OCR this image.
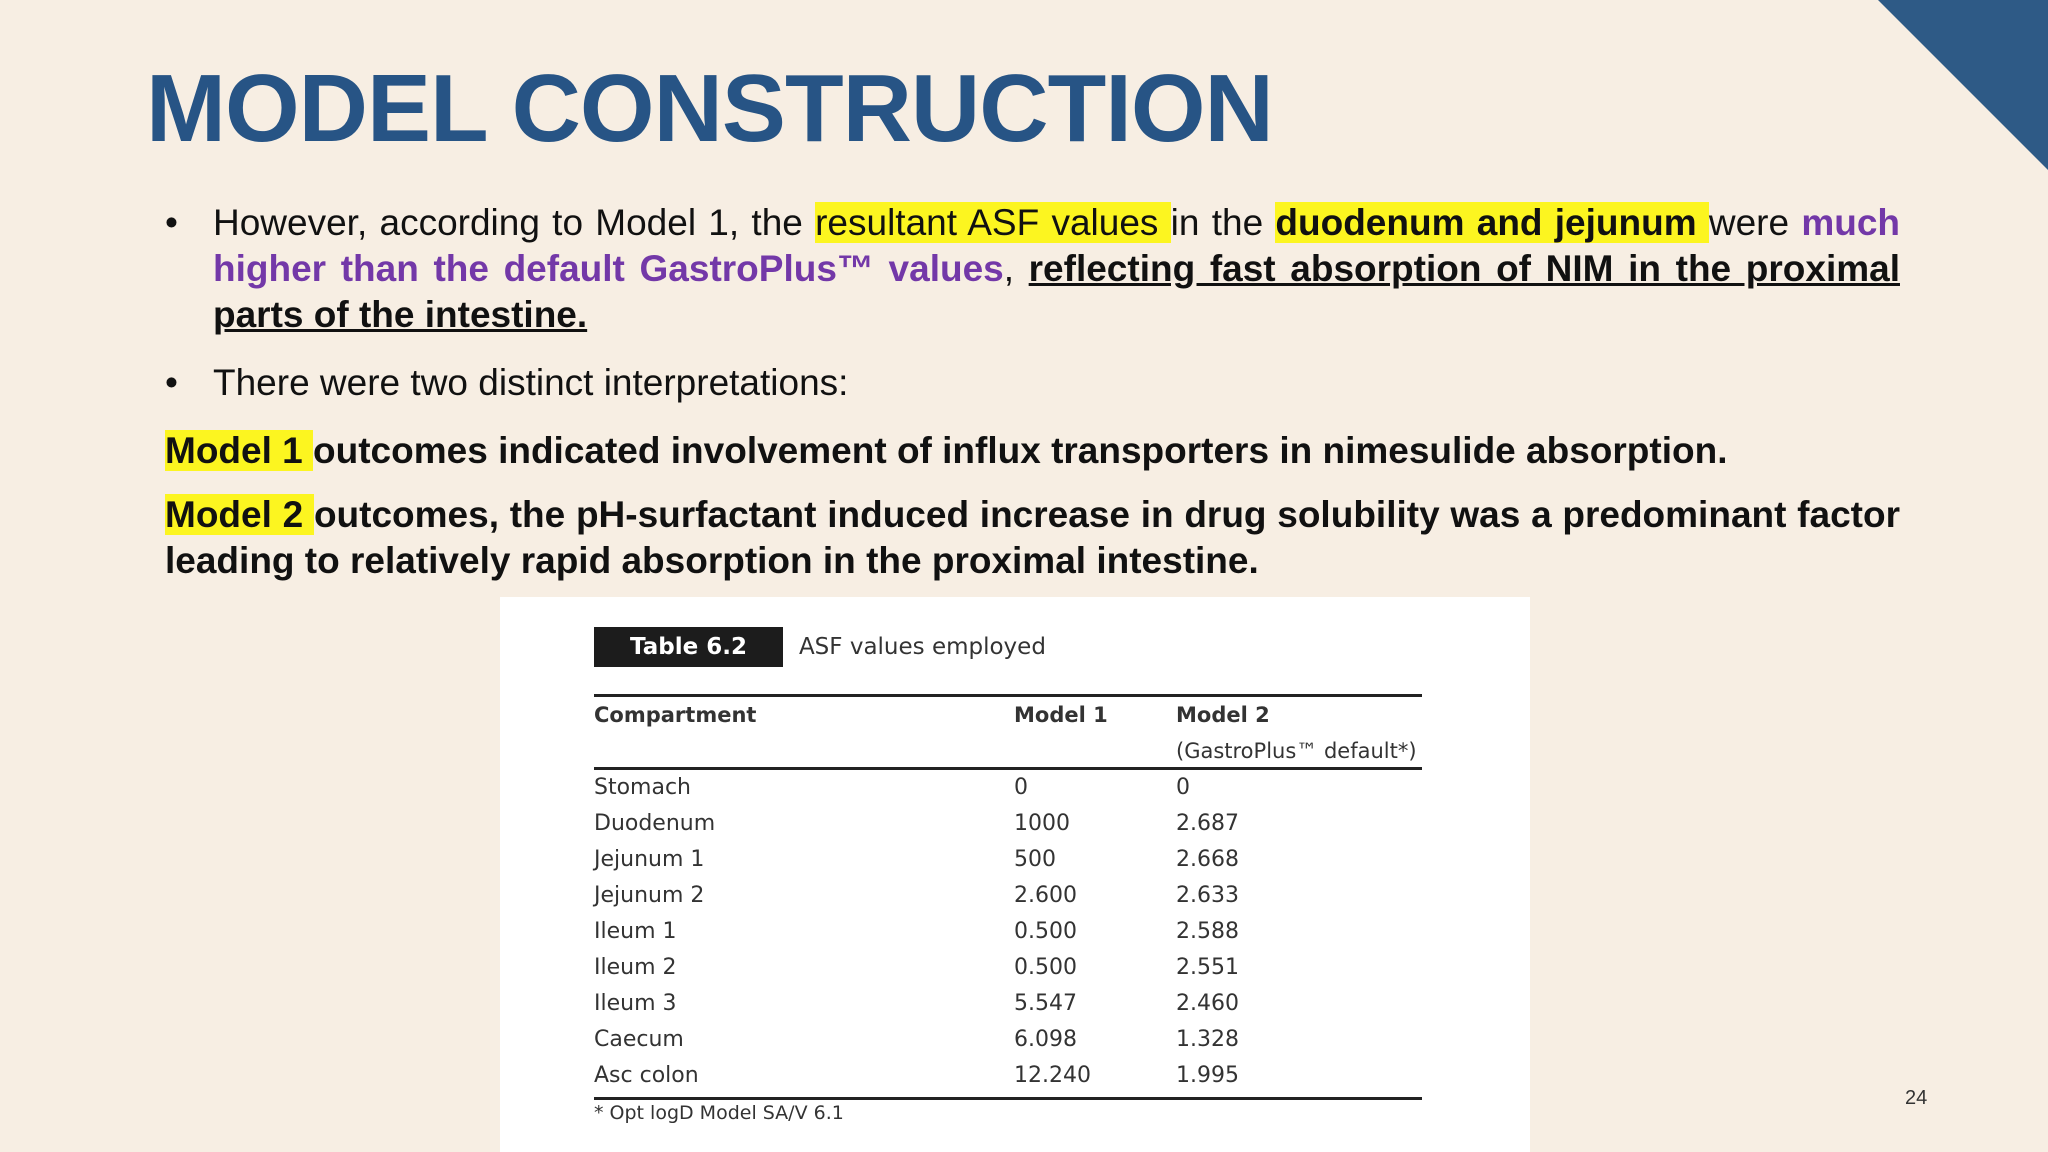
MODEL CONSTRUCTION

• However, according to Model 1, the resultant ASF values in the duodenum and jejunum were much higher than the default GastroPlus™ values, reflecting fast absorption of NIM in the proximal parts of the intestine.

• There were two distinct interpretations:

Model 1 outcomes indicated involvement of influx transporters in nimesulide absorption.

Model 2 outcomes, the pH-surfactant induced increase in drug solubility was a predominant factor leading to relatively rapid absorption in the proximal intestine.

Table 6.2	ASF values employed
Compartment	Model 1	Model 2
		(GastroPlus™ default*)
Stomach	0	0
Duodenum	1000	2.687
Jejunum 1	500	2.668
Jejunum 2	2.600	2.633
Ileum 1	0.500	2.588
Ileum 2	0.500	2.551
Ileum 3	5.547	2.460
Caecum	6.098	1.328
Asc colon	12.240	1.995
* Opt logD Model SA/V 6.1
24
